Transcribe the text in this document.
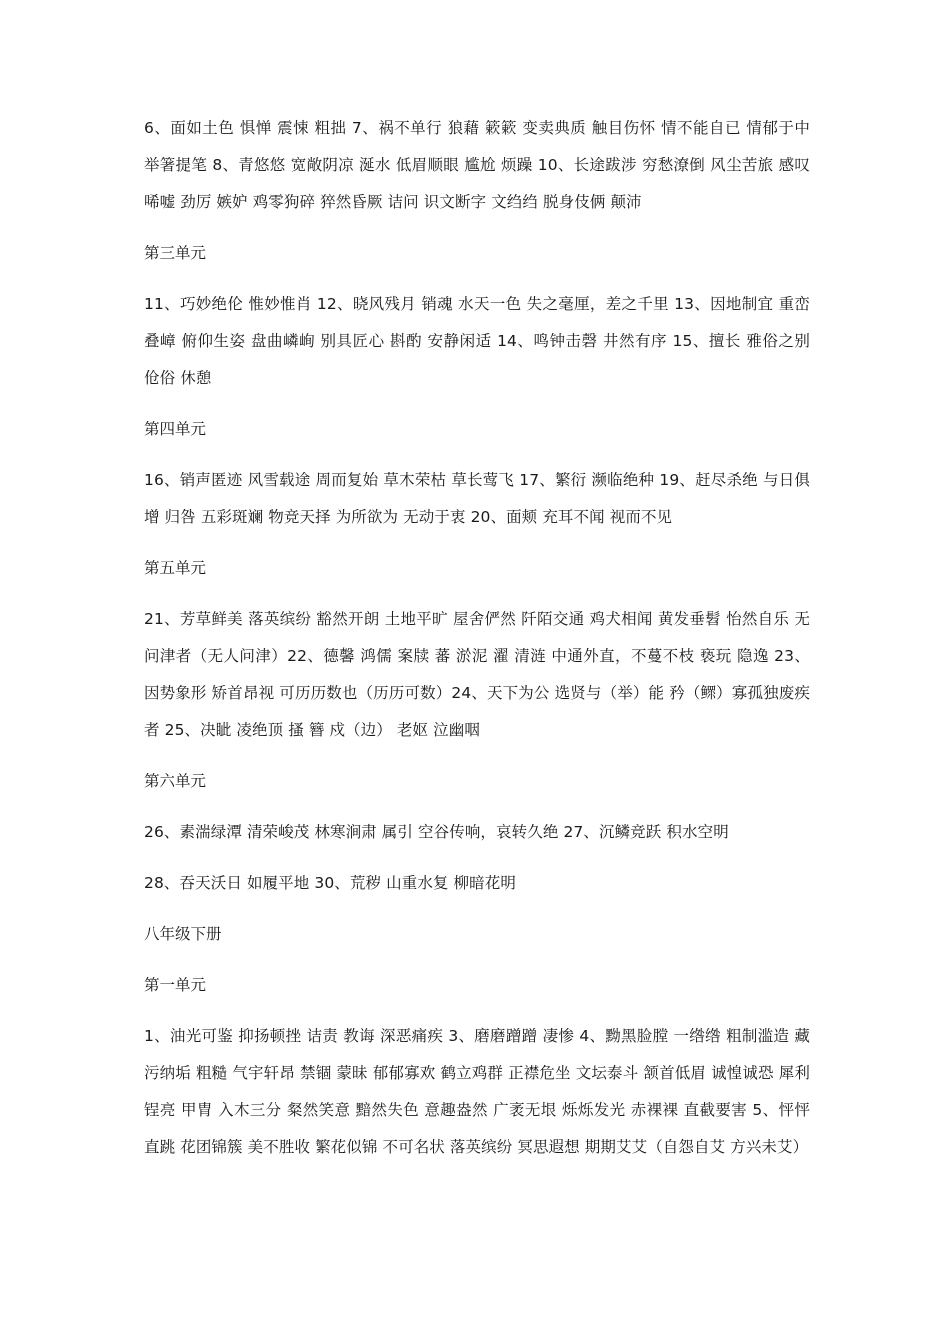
6、面如土色 惧惮 震悚 粗拙 7、祸不单行 狼藉 簌簌 变卖典质 触目伤怀 情不能自已 情郁于中 举箸提笔 8、青悠悠 宽敞阴凉 涎水 低眉顺眼 尴尬 烦躁 10、长途跋涉 穷愁潦倒 风尘苦旅 感叹唏嘘 劲厉 嫉妒 鸡零狗碎 猝然昏厥 诘问 识文断字 文绉绉 脱身伎俩 颠沛

第三单元

11、巧妙绝伦 惟妙惟肖 12、晓风残月 销魂 水天一色 失之毫厘，差之千里 13、因地制宜 重峦叠嶂 俯仰生姿 盘曲嶙峋 别具匠心 斟酌 安静闲适 14、鸣钟击磬 井然有序 15、擅长 雅俗之别 伧俗 休憩

第四单元

16、销声匿迹 风雪载途 周而复始 草木荣枯 草长莺飞 17、繁衍 濒临绝种 19、赶尽杀绝 与日俱增 归咎 五彩斑斓 物竞天择 为所欲为 无动于衷 20、面颊 充耳不闻 视而不见

第五单元

21、芳草鲜美 落英缤纷 豁然开朗 土地平旷 屋舍俨然 阡陌交通 鸡犬相闻 黄发垂髫 怡然自乐 无问津者（无人问津）22、德馨 鸿儒 案牍 蕃 淤泥 濯 清涟 中通外直，不蔓不枝 亵玩 隐逸 23、因势象形 矫首昂视 可历历数也（历历可数）24、天下为公 选贤与（举）能 矜（鳏）寡孤独废疾者 25、决眦 凌绝顶 搔 簪 戍（边） 老妪 泣幽咽

第六单元

26、素湍绿潭 清荣峻茂 林寒涧肃 属引 空谷传响，哀转久绝 27、沉鳞竞跃 积水空明

28、吞天沃日 如履平地 30、荒秽 山重水复 柳暗花明

八年级下册

第一单元

1、油光可鉴 抑扬顿挫 诘责 教诲 深恶痛疾 3、磨磨蹭蹭 凄惨 4、黝黑脸膛 一绺绺 粗制滥造 藏污纳垢 粗糙 气宇轩昂 禁锢 蒙昧 郁郁寡欢 鹤立鸡群 正襟危坐 文坛泰斗 颔首低眉 诚惶诚恐 犀利 锃亮 甲胄 入木三分 粲然笑意 黯然失色 意趣盎然 广袤无垠 烁烁发光 赤裸裸 直截要害 5、怦怦直跳 花团锦簇 美不胜收 繁花似锦 不可名状 落英缤纷 冥思遐想 期期艾艾（自怨自艾 方兴未艾）
